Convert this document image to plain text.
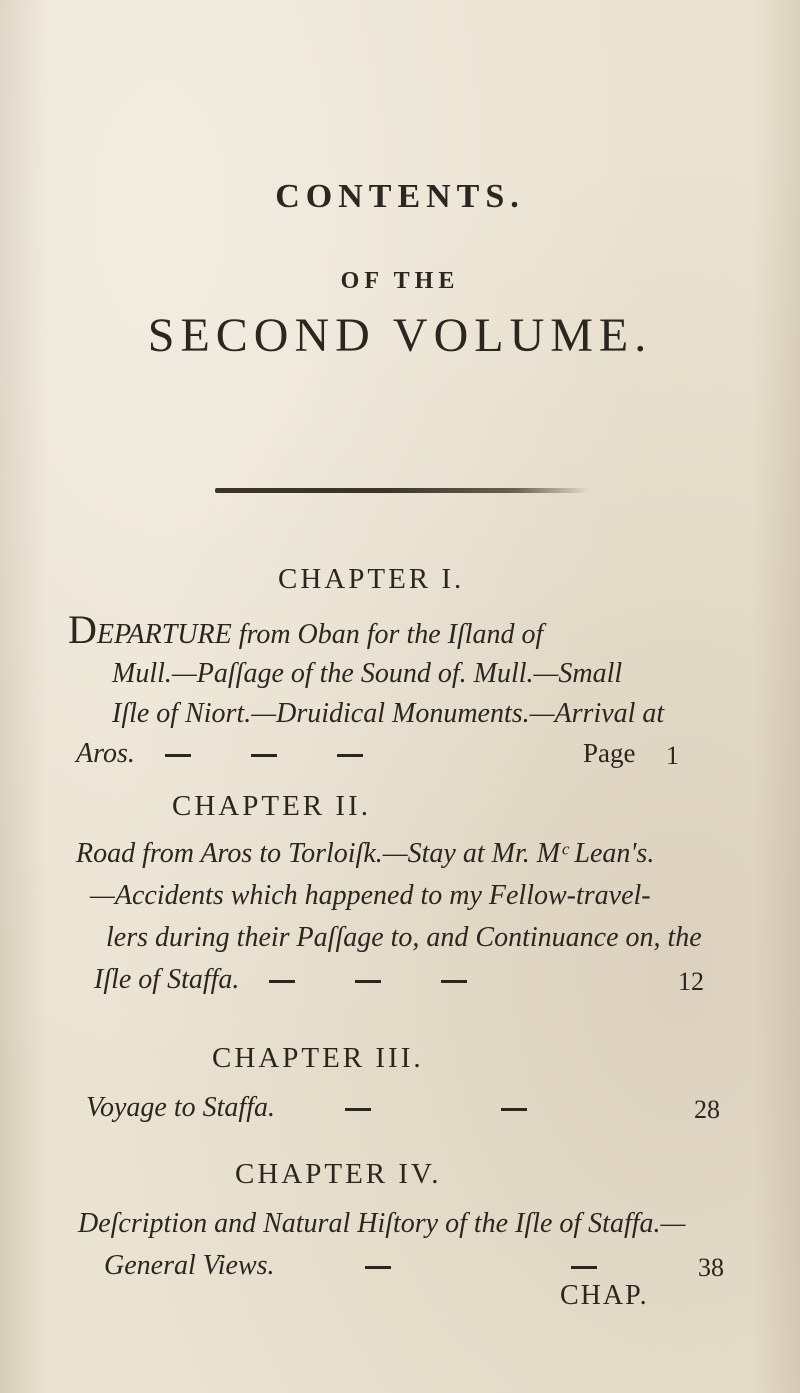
CONTENTS.
OF THE
SECOND VOLUME.
CHAPTER I.
DEPARTURE from Oban for the Iſland of
Mull.—Paſſage of the Sound of. Mull.—Small
Iſle of Niort.—Druidical Monuments.—Arrival at
Aros.	Page 1
CHAPTER II.
Road from Aros to Torloiſk.—Stay at Mr. Mᶜ Lean's.
—Accidents which happened to my Fellow-travel-
lers during their Paſſage to, and Continuance on, the
Iſle of Staffa.	12
CHAPTER III.
Voyage to Staffa.	28
CHAPTER IV.
Deſcription and Natural Hiſtory of the Iſle of Staffa.—
General Views.	38
CHAP.
